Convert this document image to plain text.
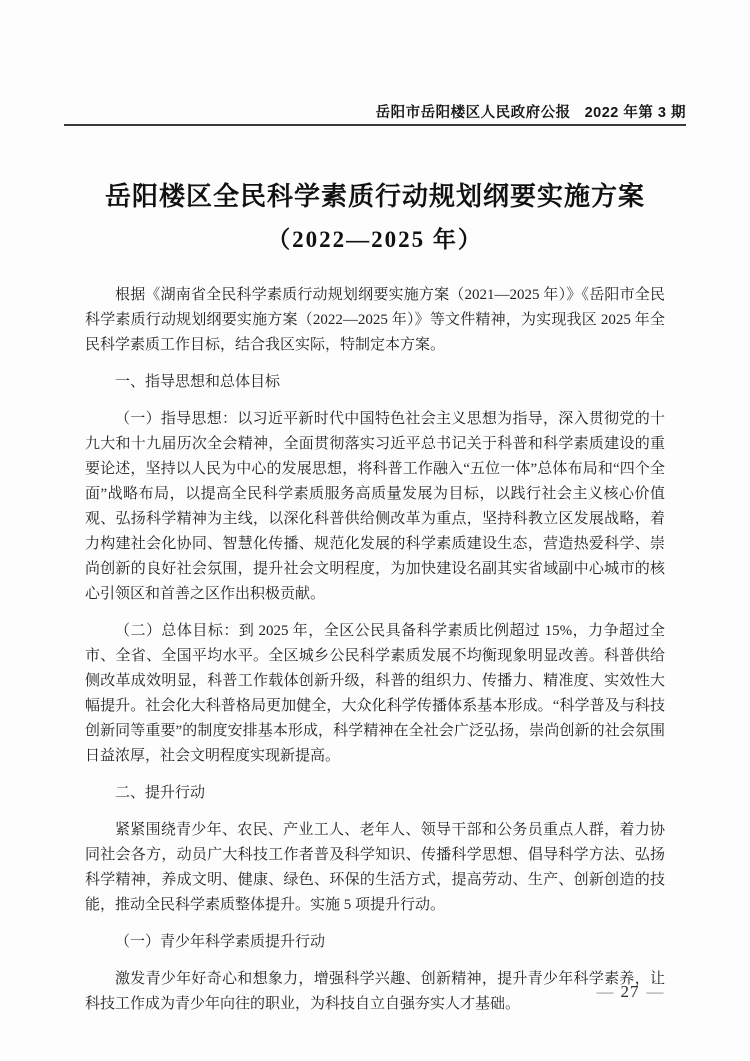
岳阳市岳阳楼区人民政府公报 2022 年第 3 期
岳阳楼区全民科学素质行动规划纲要实施方案
（2022—2025 年）

根据《湖南省全民科学素质行动规划纲要实施方案（2021—2025 年）》《岳阳市全民科学素质行动规划纲要实施方案（2022—2025 年）》等文件精神，为实现我区 2025 年全民科学素质工作目标，结合我区实际，特制定本方案。

一、指导思想和总体目标

（一）指导思想：以习近平新时代中国特色社会主义思想为指导，深入贯彻党的十九大和十九届历次全会精神，全面贯彻落实习近平总书记关于科普和科学素质建设的重要论述，坚持以人民为中心的发展思想，将科普工作融入“五位一体”总体布局和“四个全面”战略布局，以提高全民科学素质服务高质量发展为目标，以践行社会主义核心价值观、弘扬科学精神为主线，以深化科普供给侧改革为重点，坚持科教立区发展战略，着力构建社会化协同、智慧化传播、规范化发展的科学素质建设生态，营造热爱科学、崇尚创新的良好社会氛围，提升社会文明程度，为加快建设名副其实省域副中心城市的核心引领区和首善之区作出积极贡献。

（二）总体目标：到 2025 年，全区公民具备科学素质比例超过 15%，力争超过全市、全省、全国平均水平。全区城乡公民科学素质发展不均衡现象明显改善。科普供给侧改革成效明显，科普工作载体创新升级，科普的组织力、传播力、精准度、实效性大幅提升。社会化大科普格局更加健全，大众化科学传播体系基本形成。“科学普及与科技创新同等重要”的制度安排基本形成，科学精神在全社会广泛弘扬，崇尚创新的社会氛围日益浓厚，社会文明程度实现新提高。

二、提升行动

紧紧围绕青少年、农民、产业工人、老年人、领导干部和公务员重点人群，着力协同社会各方，动员广大科技工作者普及科学知识、传播科学思想、倡导科学方法、弘扬科学精神，养成文明、健康、绿色、环保的生活方式，提高劳动、生产、创新创造的技能，推动全民科学素质整体提升。实施 5 项提升行动。

（一）青少年科学素质提升行动

激发青少年好奇心和想象力，增强科学兴趣、创新精神，提升青少年科学素养，让科技工作成为青少年向往的职业，为科技自立自强夯实人才基础。

— 27 —
